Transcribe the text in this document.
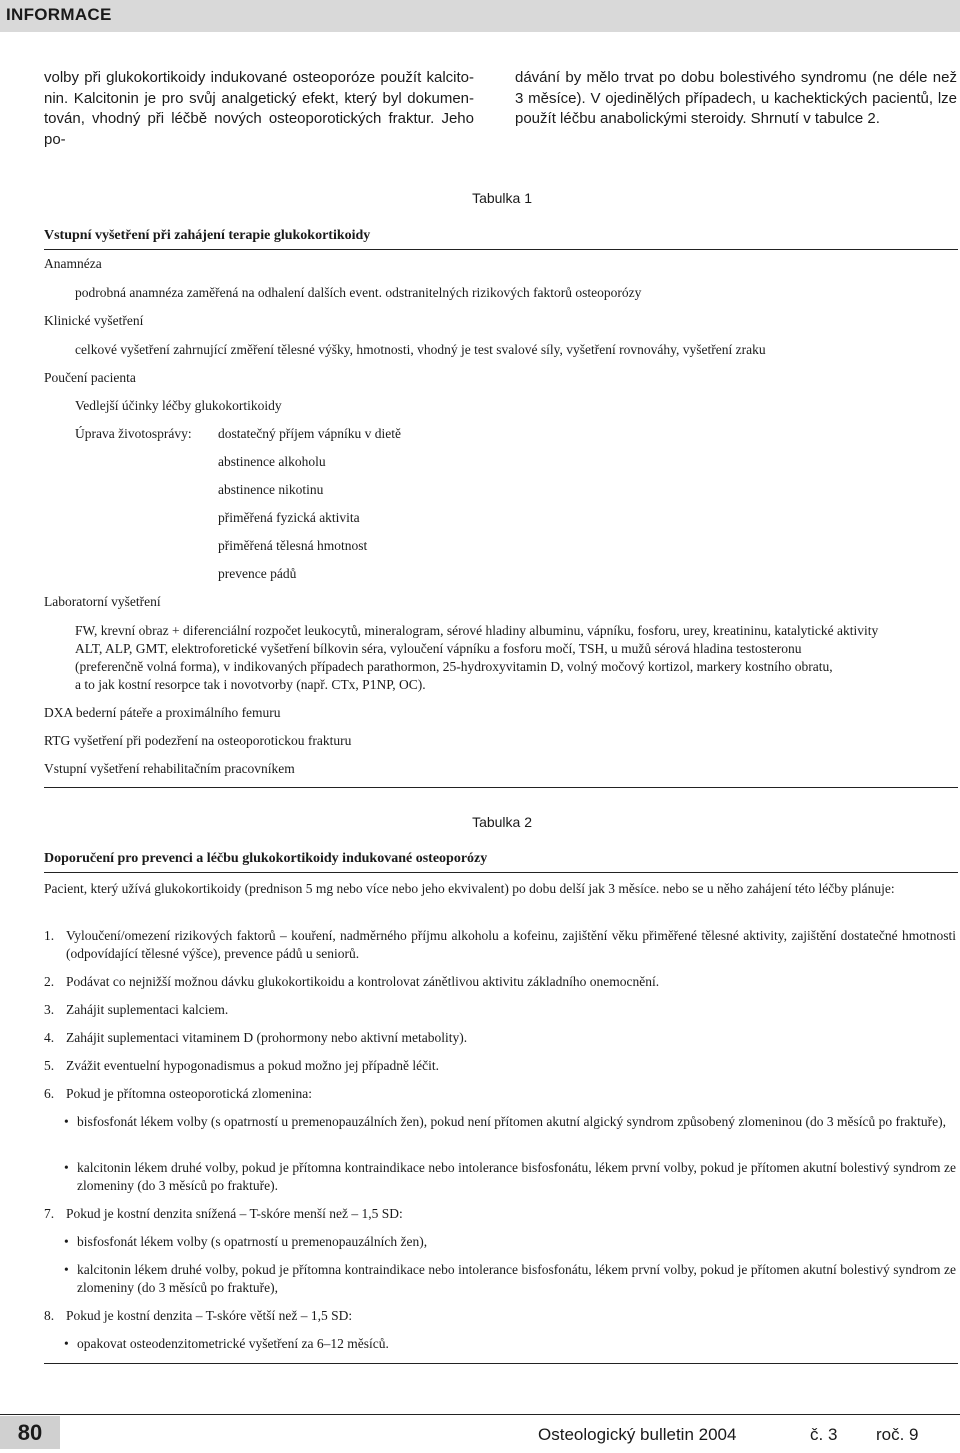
INFORMACE
volby při glukokortikoidy indukované osteoporóze použít kalcito-
nin. Kalcitonin je pro svůj analgetický efekt, který byl dokumen-
tován, vhodný při léčbě nových osteoporotických fraktur. Jeho po-
dávání by mělo trvat po dobu bolestivého syndromu (ne déle než
3 měsíce). V ojedinělých případech, u kachektických pacientů, lze
použít léčbu anabolickými steroidy. Shrnutí v tabulce 2.
Tabulka 1
Vstupní vyšetření při zahájení terapie glukokortikoidy
Anamnéza
podrobná anamnéza zaměřená na odhalení dalších event. odstranitelných rizikových faktorů osteoporózy
Klinické vyšetření
celkové vyšetření zahrnující změření tělesné výšky, hmotnosti, vhodný je test svalové síly, vyšetření rovnováhy, vyšetření zraku
Poučení pacienta
Vedlejší účinky léčby glukokortikoidy
Úprava životosprávy: dostatečný příjem vápníku v dietě
abstinence alkoholu
abstinence nikotinu
přiměřená fyzická aktivita
přiměřená tělesná hmotnost
prevence pádů
Laboratorní vyšetření
FW, krevní obraz + diferenciální rozpočet leukocytů, mineralogram, sérové hladiny albuminu, vápníku, fosforu, urey, kreatininu, katalytické aktivity
ALT, ALP, GMT, elektroforetické vyšetření bílkovin séra, vyloučení vápníku a fosforu močí, TSH, u mužů sérová hladina testosteronu
(preferenčně volná forma), v indikovaných případech parathormon, 25-hydroxyvitamin D, volný močový kortizol, markery kostního obratu,
a to jak kostní resorpce tak i novotvorby (např. CTx, P1NP, OC).
DXA bederní páteře a proximálního femuru
RTG vyšetření při podezření na osteoporotickou frakturu
Vstupní vyšetření rehabilitačním pracovníkem
Tabulka 2
Doporučení pro prevenci a léčbu glukokortikoidy indukované osteoporózy
Pacient, který užívá glukokortikoidy (prednison 5 mg nebo více nebo jeho ekvivalent) po dobu delší jak 3 měsíce. nebo se u něho zahájení této léčby plánuje:
1. Vyloučení/omezení rizikových faktorů – kouření, nadměrného příjmu alkoholu a kofeinu, zajištění věku přiměřené tělesné aktivity, zajištění dostatečné hmotnosti (odpovídající tělesné výšce), prevence pádů u seniorů.
2. Podávat co nejnižší možnou dávku glukokortikoidu a kontrolovat zánětlivou aktivitu základního onemocnění.
3. Zahájit suplementaci kalciem.
4. Zahájit suplementaci vitaminem D (prohormony nebo aktivní metabolity).
5. Zvážit eventuelní hypogonadismus a pokud možno jej případně léčit.
6. Pokud je přítomna osteoporotická zlomenina:
• bisfosfonát lékem volby (s opatrností u premenopauzálních žen), pokud není přítomen akutní algický syndrom způsobený zlomeninou (do 3 měsíců po fraktuře),
• kalcitonin lékem druhé volby, pokud je přítomna kontraindikace nebo intolerance bisfosfonátu, lékem první volby, pokud je přítomen akutní bolestivý syndrom ze zlomeniny (do 3 měsíců po fraktuře).
7. Pokud je kostní denzita snížená – T-skóre menší než – 1,5 SD:
• bisfosfonát lékem volby (s opatrností u premenopauzálních žen),
• kalcitonin lékem druhé volby, pokud je přítomna kontraindikace nebo intolerance bisfosfonátu, lékem první volby, pokud je přítomen akutní bolestivý syndrom ze zlomeniny (do 3 měsíců po fraktuře),
8. Pokud je kostní denzita – T-skóre větší než – 1,5 SD:
• opakovat osteodenzitometrické vyšetření za 6–12 měsíců.
80	Osteologický bulletin 2004	č. 3 roč. 9
